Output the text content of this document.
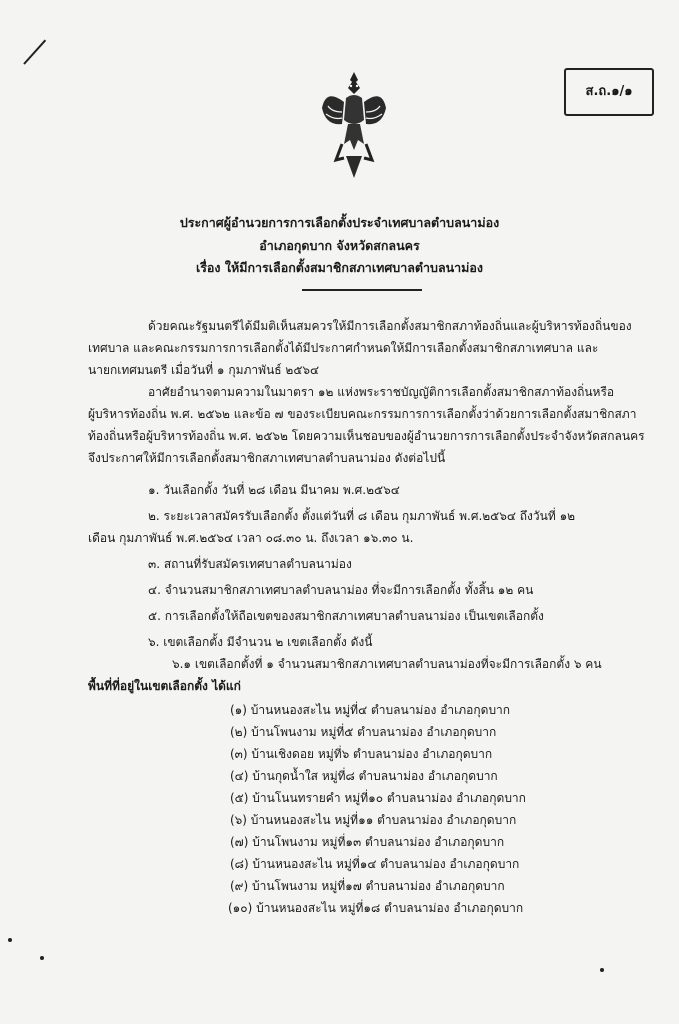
ส.ถ.๑/๑
ประกาศผู้อำนวยการการเลือกตั้งประจำเทศบาลตำบลนาม่อง
อำเภอกุดบาก จังหวัดสกลนคร
เรื่อง ให้มีการเลือกตั้งสมาชิกสภาเทศบาลตำบลนาม่อง
ด้วยคณะรัฐมนตรีได้มีมติเห็นสมควรให้มีการเลือกตั้งสมาชิกสภาท้องถิ่นและผู้บริหารท้องถิ่นของ
เทศบาล และคณะกรรมการการเลือกตั้งได้มีประกาศกำหนดให้มีการเลือกตั้งสมาชิกสภาเทศบาล และ
นายกเทศมนตรี เมื่อวันที่ ๑ กุมภาพันธ์ ๒๕๖๔
อาศัยอำนาจตามความในมาตรา ๑๒ แห่งพระราชบัญญัติการเลือกตั้งสมาชิกสภาท้องถิ่นหรือ
ผู้บริหารท้องถิ่น พ.ศ. ๒๕๖๒ และข้อ ๗ ของระเบียบคณะกรรมการการเลือกตั้งว่าด้วยการเลือกตั้งสมาชิกสภา
ท้องถิ่นหรือผู้บริหารท้องถิ่น พ.ศ. ๒๕๖๒ โดยความเห็นชอบของผู้อำนวยการการเลือกตั้งประจำจังหวัดสกลนคร
จึงประกาศให้มีการเลือกตั้งสมาชิกสภาเทศบาลตำบลนาม่อง ดังต่อไปนี้
๑. วันเลือกตั้ง วันที่ ๒๘ เดือน มีนาคม พ.ศ.๒๕๖๔
๒. ระยะเวลาสมัครรับเลือกตั้ง ตั้งแต่วันที่ ๘ เดือน กุมภาพันธ์ พ.ศ.๒๕๖๔ ถึงวันที่ ๑๒
เดือน กุมภาพันธ์ พ.ศ.๒๕๖๔ เวลา ๐๘.๓๐ น. ถึงเวลา ๑๖.๓๐ น.
๓. สถานที่รับสมัครเทศบาลตำบลนาม่อง
๔. จำนวนสมาชิกสภาเทศบาลตำบลนาม่อง ที่จะมีการเลือกตั้ง ทั้งสิ้น ๑๒ คน
๕. การเลือกตั้งให้ถือเขตของสมาชิกสภาเทศบาลตำบลนาม่อง เป็นเขตเลือกตั้ง
๖. เขตเลือกตั้ง มีจำนวน ๒ เขตเลือกตั้ง ดังนี้
๖.๑ เขตเลือกตั้งที่ ๑ จำนวนสมาชิกสภาเทศบาลตำบลนาม่องที่จะมีการเลือกตั้ง ๖ คน
พื้นที่ที่อยู่ในเขตเลือกตั้ง ได้แก่
(๑) บ้านหนองสะไน หมู่ที่๔ ตำบลนาม่อง อำเภอกุดบาก
(๒) บ้านโพนงาม หมู่ที่๕ ตำบลนาม่อง อำเภอกุดบาก
(๓) บ้านเชิงดอย หมู่ที่๖ ตำบลนาม่อง อำเภอกุดบาก
(๔) บ้านกุดน้ำใส หมู่ที่๘ ตำบลนาม่อง อำเภอกุดบาก
(๕) บ้านโนนทรายคำ หมู่ที่๑๐ ตำบลนาม่อง อำเภอกุดบาก
(๖) บ้านหนองสะไน หมู่ที่๑๑ ตำบลนาม่อง อำเภอกุดบาก
(๗) บ้านโพนงาม หมู่ที่๑๓ ตำบลนาม่อง อำเภอกุดบาก
(๘) บ้านหนองสะไน หมู่ที่๑๔ ตำบลนาม่อง อำเภอกุดบาก
(๙) บ้านโพนงาม หมู่ที่๑๗ ตำบลนาม่อง อำเภอกุดบาก
(๑๐) บ้านหนองสะไน หมู่ที่๑๘ ตำบลนาม่อง อำเภอกุดบาก
